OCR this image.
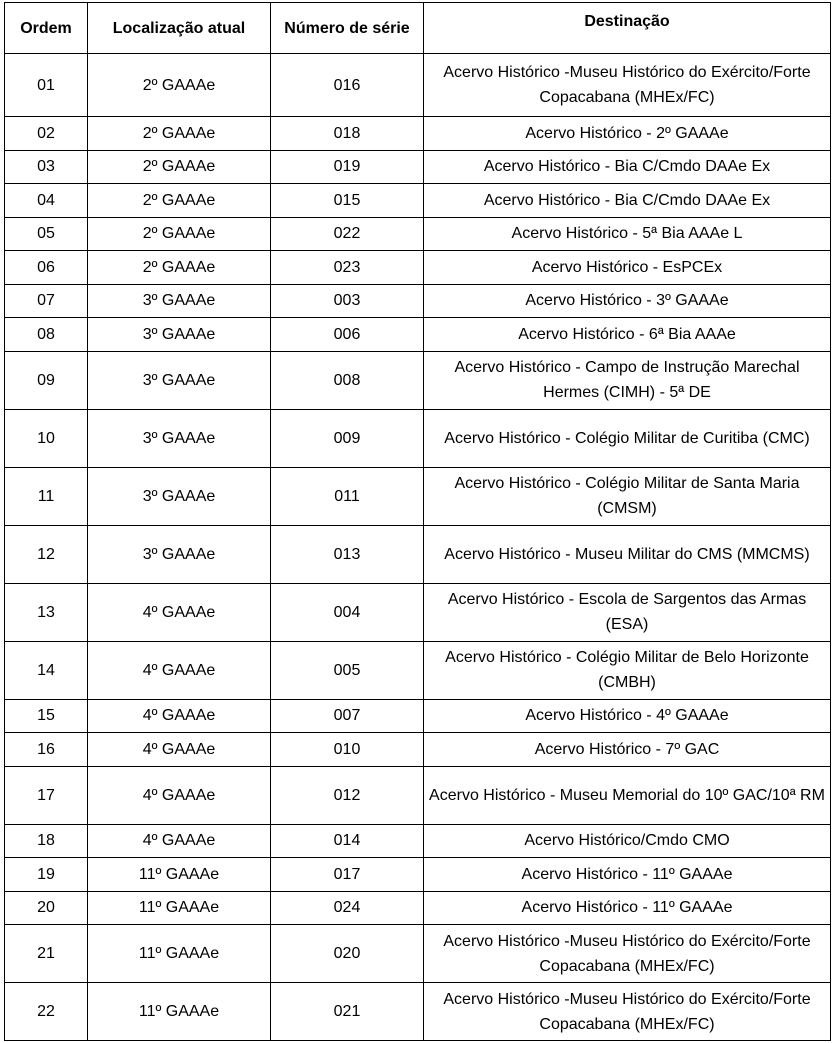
Ordem	Localização atual	Número de série	Destinação
01	2º GAAAe	016	Acervo Histórico -Museu Histórico do Exército/Forte Copacabana (MHEx/FC)
02	2º GAAAe	018	Acervo Histórico - 2º GAAAe
03	2º GAAAe	019	Acervo Histórico - Bia C/Cmdo DAAe Ex
04	2º GAAAe	015	Acervo Histórico - Bia C/Cmdo DAAe Ex
05	2º GAAAe	022	Acervo Histórico - 5ª Bia AAAe L
06	2º GAAAe	023	Acervo Histórico - EsPCEx
07	3º GAAAe	003	Acervo Histórico - 3º GAAAe
08	3º GAAAe	006	Acervo Histórico - 6ª Bia AAAe
09	3º GAAAe	008	Acervo Histórico - Campo de Instrução Marechal Hermes (CIMH) - 5ª DE
10	3º GAAAe	009	Acervo Histórico - Colégio Militar de Curitiba (CMC)
11	3º GAAAe	011	Acervo Histórico - Colégio Militar de Santa Maria (CMSM)
12	3º GAAAe	013	Acervo Histórico - Museu Militar do CMS (MMCMS)
13	4º GAAAe	004	Acervo Histórico - Escola de Sargentos das Armas (ESA)
14	4º GAAAe	005	Acervo Histórico - Colégio Militar de Belo Horizonte (CMBH)
15	4º GAAAe	007	Acervo Histórico - 4º GAAAe
16	4º GAAAe	010	Acervo Histórico - 7º GAC
17	4º GAAAe	012	Acervo Histórico - Museu Memorial do 10º GAC/10ª RM
18	4º GAAAe	014	Acervo Histórico/Cmdo CMO
19	11º GAAAe	017	Acervo Histórico - 11º GAAAe
20	11º GAAAe	024	Acervo Histórico - 11º GAAAe
21	11º GAAAe	020	Acervo Histórico -Museu Histórico do Exército/Forte Copacabana (MHEx/FC)
22	11º GAAAe	021	Acervo Histórico -Museu Histórico do Exército/Forte Copacabana (MHEx/FC)
